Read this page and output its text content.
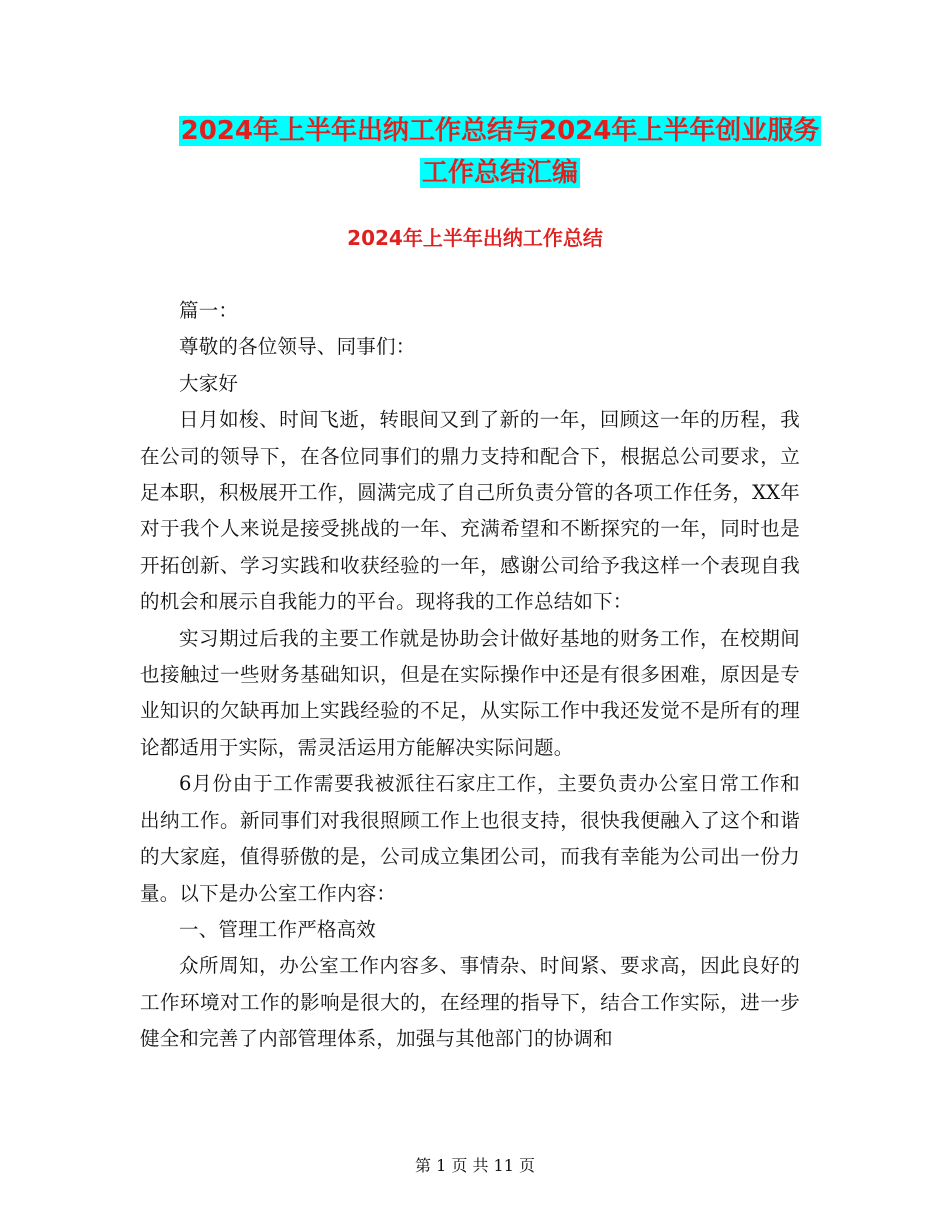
2024年上半年出纳工作总结与2024年上半年创业服务
工作总结汇编
2024年上半年出纳工作总结

篇一：

尊敬的各位领导、同事们：

大家好

日月如梭、时间飞逝，转眼间又到了新的一年，回顾这一年的历程，我在公司的领导下，在各位同事们的鼎力支持和配合下，根据总公司要求，立足本职，积极展开工作，圆满完成了自己所负责分管的各项工作任务，XX年对于我个人来说是接受挑战的一年、充满希望和不断探究的一年，同时也是开拓创新、学习实践和收获经验的一年，感谢公司给予我这样一个表现自我的机会和展示自我能力的平台。现将我的工作总结如下：

实习期过后我的主要工作就是协助会计做好基地的财务工作，在校期间也接触过一些财务基础知识，但是在实际操作中还是有很多困难，原因是专业知识的欠缺再加上实践经验的不足，从实际工作中我还发觉不是所有的理论都适用于实际，需灵活运用方能解决实际问题。

6月份由于工作需要我被派往石家庄工作，主要负责办公室日常工作和出纳工作。新同事们对我很照顾工作上也很支持，很快我便融入了这个和谐的大家庭，值得骄傲的是，公司成立集团公司，而我有幸能为公司出一份力量。以下是办公室工作内容：

一、管理工作严格高效

众所周知，办公室工作内容多、事情杂、时间紧、要求高，因此良好的工作环境对工作的影响是很大的，在经理的指导下，结合工作实际，进一步健全和完善了内部管理体系，加强与其他部门的协调和

第 1 页 共 11 页
